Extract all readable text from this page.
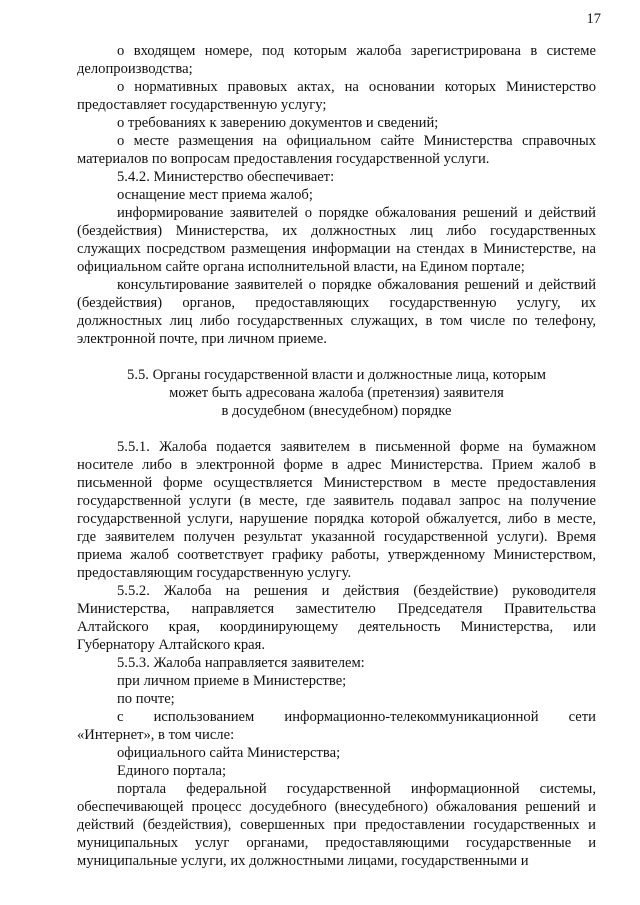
17

о входящем номере, под которым жалоба зарегистрирована в системе делопроизводства;

о нормативных правовых актах, на основании которых Министерство предоставляет государственную услугу;

о требованиях к заверению документов и сведений;

о месте размещения на официальном сайте Министерства справочных материалов по вопросам предоставления государственной услуги.

5.4.2. Министерство обеспечивает:

оснащение мест приема жалоб;

информирование заявителей о порядке обжалования решений и действий (бездействия) Министерства, их должностных лиц либо государственных служащих посредством размещения информации на стендах в Министерстве, на официальном сайте органа исполнительной власти, на Едином портале;

консультирование заявителей о порядке обжалования решений и действий (бездействия) органов, предоставляющих государственную услугу, их должностных лиц либо государственных служащих, в том числе по телефону, электронной почте, при личном приеме.

5.5. Органы государственной власти и должностные лица, которым
может быть адресована жалоба (претензия) заявителя
в досудебном (внесудебном) порядке

5.5.1. Жалоба подается заявителем в письменной форме на бумажном носителе либо в электронной форме в адрес Министерства. Прием жалоб в письменной форме осуществляется Министерством в месте предоставления государственной услуги (в месте, где заявитель подавал запрос на получение государственной услуги, нарушение порядка которой обжалуется, либо в месте, где заявителем получен результат указанной государственной услуги). Время приема жалоб соответствует графику работы, утвержденному Министерством, предоставляющим государственную услугу.

5.5.2. Жалоба на решения и действия (бездействие) руководителя Министерства, направляется заместителю Председателя Правительства Алтайского края, координирующему деятельность Министерства, или Губернатору Алтайского края.

5.5.3. Жалоба направляется заявителем:

при личном приеме в Министерстве;

по почте;

с использованием информационно-телекоммуникационной сети
«Интернет», в том числе:

официального сайта Министерства;

Единого портала;

портала федеральной государственной информационной системы, обеспечивающей процесс досудебного (внесудебного) обжалования решений и действий (бездействия), совершенных при предоставлении государственных и муниципальных услуг органами, предоставляющими государственные и муниципальные услуги, их должностными лицами, государственными и
